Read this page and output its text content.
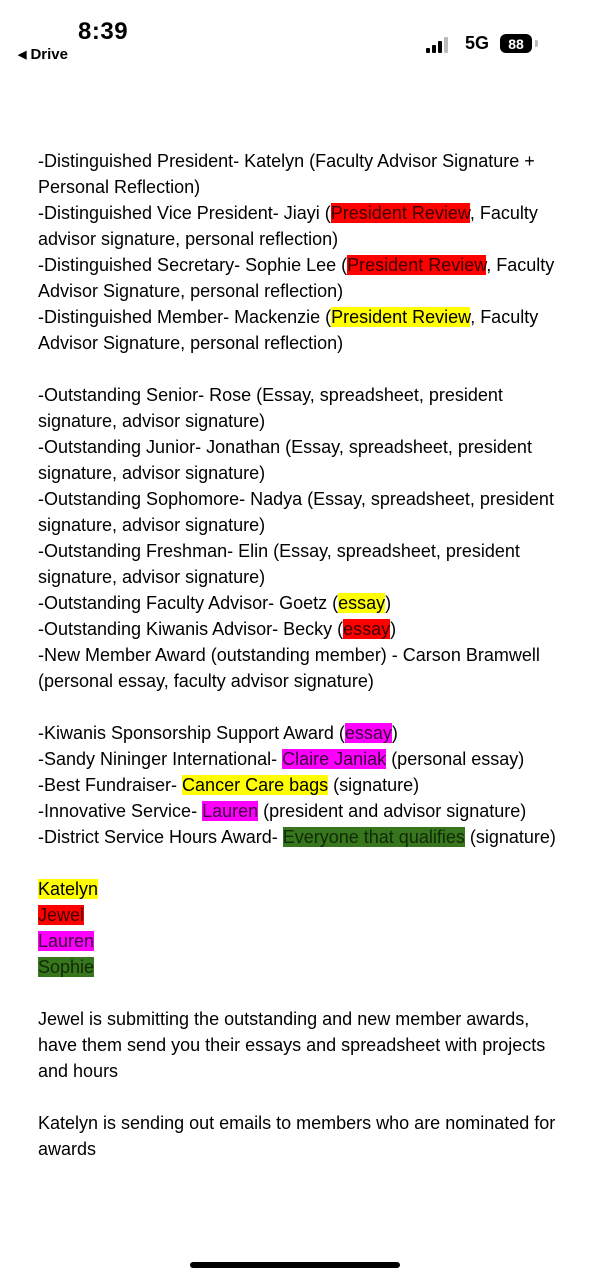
8:39
◀ Drive
5G 88

-Distinguished President- Katelyn (Faculty Advisor Signature + Personal Reflection)

-Distinguished Vice President- Jiayi (President Review, Faculty advisor signature, personal reflection)

-Distinguished Secretary- Sophie Lee (President Review, Faculty Advisor Signature, personal reflection)

-Distinguished Member- Mackenzie (President Review, Faculty Advisor Signature, personal reflection)

-Outstanding Senior- Rose (Essay, spreadsheet, president signature, advisor signature)

-Outstanding Junior- Jonathan (Essay, spreadsheet, president signature, advisor signature)

-Outstanding Sophomore- Nadya (Essay, spreadsheet, president signature, advisor signature)

-Outstanding Freshman- Elin (Essay, spreadsheet, president signature, advisor signature)

-Outstanding Faculty Advisor- Goetz (essay)

-Outstanding Kiwanis Advisor- Becky (essay)

-New Member Award (outstanding member) - Carson Bramwell (personal essay, faculty advisor signature)

-Kiwanis Sponsorship Support Award (essay)

-Sandy Nininger International- Claire Janiak (personal essay)

-Best Fundraiser- Cancer Care bags (signature)

-Innovative Service- Lauren (president and advisor signature)

-District Service Hours Award- Everyone that qualifies (signature)

Katelyn

Jewel

Lauren

Sophie

Jewel is submitting the outstanding and new member awards, have them send you their essays and spreadsheet with projects and hours

Katelyn is sending out emails to members who are nominated for awards
